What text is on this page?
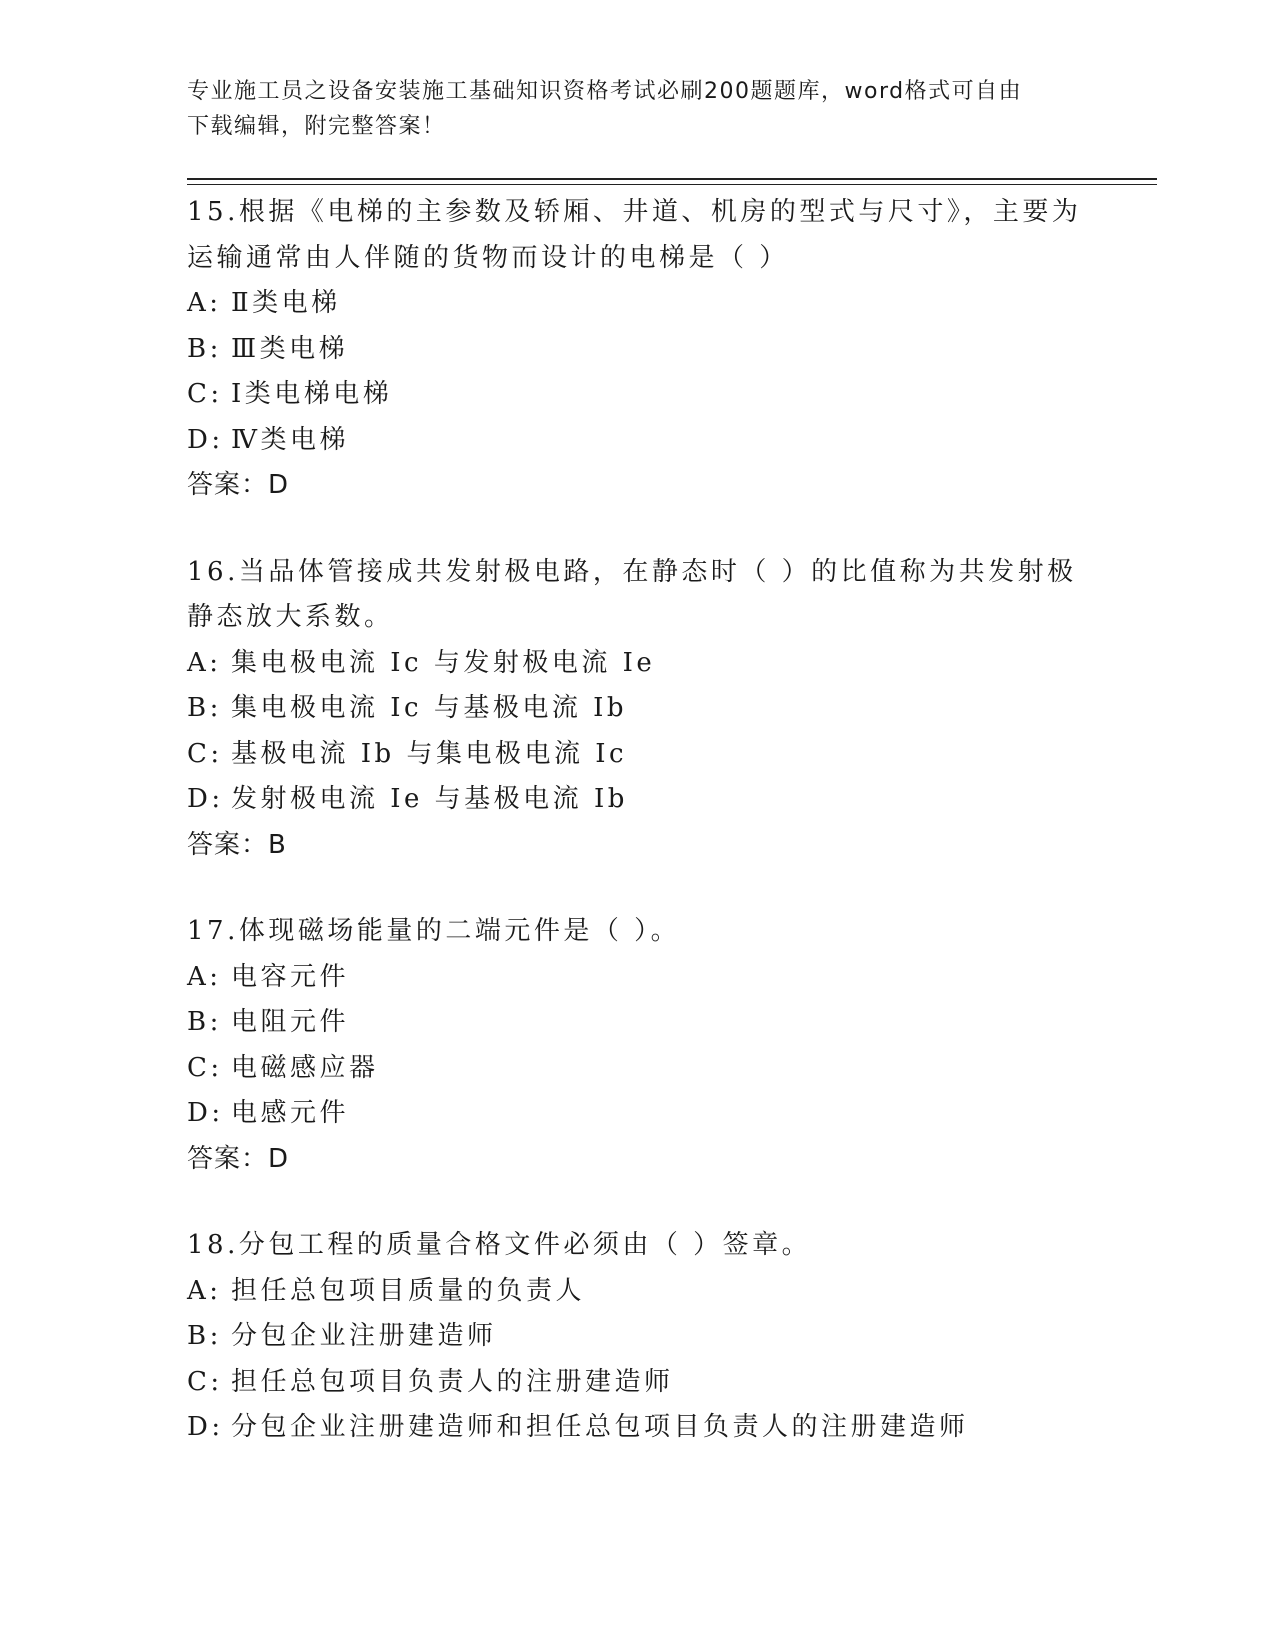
专业施工员之设备安装施工基础知识资格考试必刷200题题库，word格式可自由
下载编辑，附完整答案！
15.根据《电梯的主参数及轿厢、井道、机房的型式与尺寸》，主要为
运输通常由人伴随的货物而设计的电梯是（ ）
A: Ⅱ类电梯
B: Ⅲ类电梯
C: Ⅰ类电梯电梯
D: Ⅳ类电梯
答案：D
16.当品体管接成共发射极电路，在静态时（ ）的比值称为共发射极
静态放大系数。
A: 集电极电流 Ic 与发射极电流 Ie
B: 集电极电流 Ic 与基极电流 Ib
C: 基极电流 Ib 与集电极电流 Ic
D: 发射极电流 Ie 与基极电流 Ib
答案：B
17.体现磁场能量的二端元件是（ ）。
A: 电容元件
B: 电阻元件
C: 电磁感应器
D: 电感元件
答案：D
18.分包工程的质量合格文件必须由（ ）签章。
A: 担任总包项目质量的负责人
B: 分包企业注册建造师
C: 担任总包项目负责人的注册建造师
D: 分包企业注册建造师和担任总包项目负责人的注册建造师
